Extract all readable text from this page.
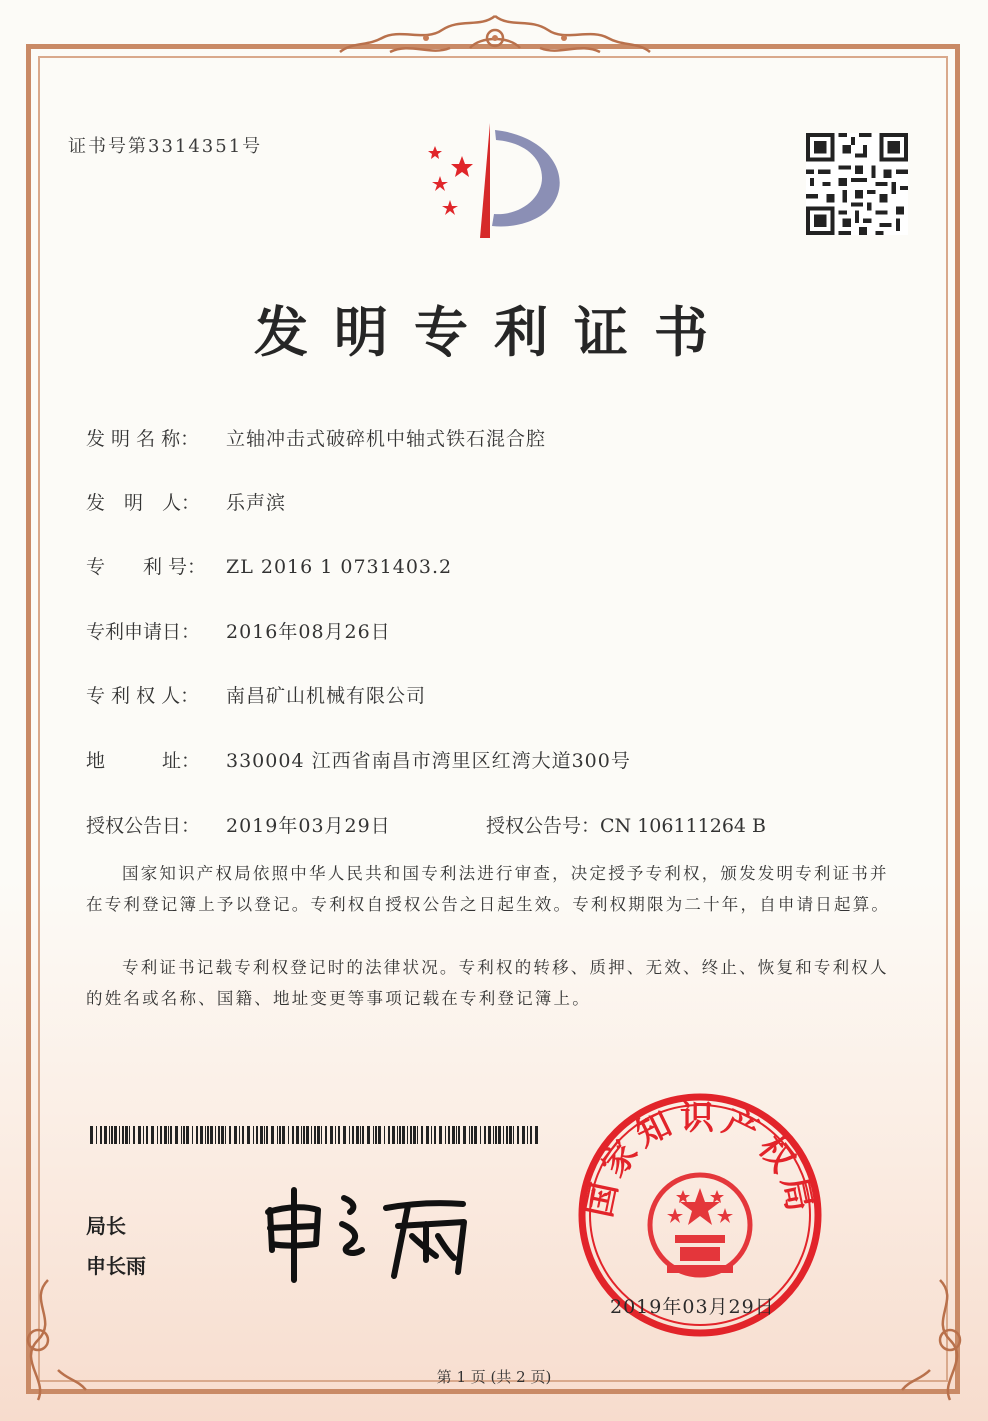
证书号第3314351号
发明专利证书
发 明 名 称： 立轴冲击式破碎机中轴式铁石混合腔
发　明　人： 乐声滨
专　　利 号： ZL 2016 1 0731403.2
专利申请日： 2016年08月26日
专 利 权 人： 南昌矿山机械有限公司
地　　　址： 330004 江西省南昌市湾里区红湾大道300号
授权公告日： 2019年03月29日	授权公告号：CN 106111264 B

国家知识产权局依照中华人民共和国专利法进行审查，决定授予专利权，颁发发明专利证书并在专利登记簿上予以登记。专利权自授权公告之日起生效。专利权期限为二十年，自申请日起算。

专利证书记载专利权登记时的法律状况。专利权的转移、质押、无效、终止、恢复和专利权人的姓名或名称、国籍、地址变更等事项记载在专利登记簿上。

局长
申长雨
国家知识产权局
2019年03月29日
第 1 页 (共 2 页)
